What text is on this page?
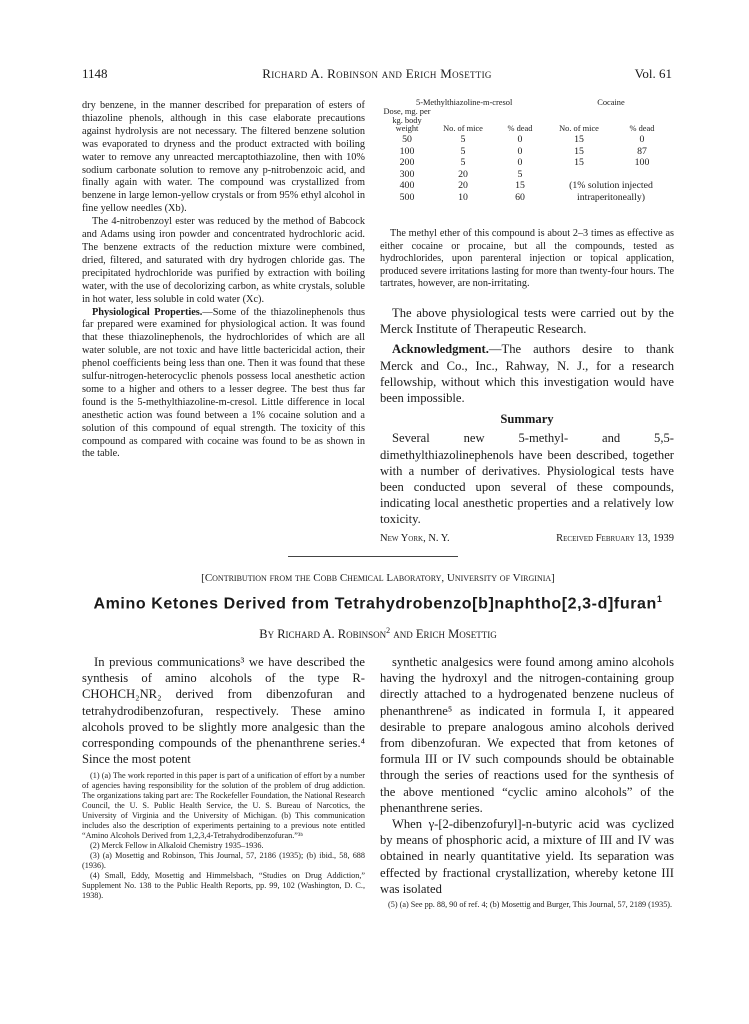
1148	Richard A. Robinson and Erich Mosettig	Vol. 61

dry benzene, in the manner described for preparation of esters of thiazoline phenols, although in this case elaborate precautions against hydrolysis are not necessary. The filtered benzene solution was evaporated to dryness and the product extracted with boiling water to remove any unreacted mercaptothiazoline, then with 10% sodium carbonate solution to remove any p-nitrobenzoic acid, and finally again with water. The compound was crystallized from benzene in large lemon-yellow crystals or from 95% ethyl alcohol in fine yellow needles (Xb).

The 4-nitrobenzoyl ester was reduced by the method of Babcock and Adams using iron powder and concentrated hydrochloric acid. The benzene extracts of the reduction mixture were combined, dried, filtered, and saturated with dry hydrogen chloride gas. The precipitated hydrochloride was purified by extraction with boiling water, with the use of decolorizing carbon, as white crystals, soluble in hot water, less soluble in cold water (Xc).

Physiological Properties.—Some of the thiazolinephenols thus far prepared were examined for physiological action. It was found that these thiazolinephenols, the hydrochlorides of which are all water soluble, are not toxic and have little bactericidal action, their phenol coefficients being less than one. Then it was found that these sulfur-nitrogen-heterocyclic phenols possess local anesthetic action some to a higher and others to a lesser degree. The best thus far found is the 5-methylthiazoline-m-cresol. Little difference in local anesthetic action was found between a 1% cocaine solution and a solution of this compound of equal strength. The toxicity of this compound as compared with cocaine was found to be as shown in the table.

5-Methylthiazoline-m-cresol			Cocaine	
Dose, mg. per kg. body weight	No. of mice	% dead	No. of mice	% dead
50	5	0	15	0
100	5	0	15	87
200	5	0	15	100
300	20	5		
400	20	15	(1% solution injected	
500	10	60	intraperitoneally)	

The methyl ether of this compound is about 2–3 times as effective as either cocaine or procaine, but all the compounds, tested as hydrochlorides, upon parenteral injection or topical application, produced severe irritations lasting for more than twenty-four hours. The tartrates, however, are non-irritating.

The above physiological tests were carried out by the Merck Institute of Therapeutic Research.

Acknowledgment.—The authors desire to thank Merck and Co., Inc., Rahway, N. J., for a research fellowship, without which this investigation would have been impossible.

Summary

Several new 5-methyl- and 5,5-dimethylthiazolinephenols have been described, together with a number of derivatives. Physiological tests have been conducted upon several of these compounds, indicating local anesthetic properties and a relatively low toxicity.

New York, N. Y.	Received February 13, 1939
[Contribution from the Cobb Chemical Laboratory, University of Virginia]
Amino Ketones Derived from Tetrahydrobenzo[b]naphtho[2,3-d]furan$^1$
By Richard A. Robinson$^2$ and Erich Mosettig

In previous communications³ we have described the synthesis of amino alcohols of the type R-CHOHCH₂NR₂ derived from dibenzofuran and tetrahydrodibenzofuran, respectively. These amino alcohols proved to be slightly more analgesic than the corresponding compounds of the phenanthrene series.⁴ Since the most potent

(1) (a) The work reported in this paper is part of a unification of effort by a number of agencies having responsibility for the solution of the problem of drug addiction. The organizations taking part are: The Rockefeller Foundation, the National Research Council, the U. S. Public Health Service, the U. S. Bureau of Narcotics, the University of Virginia and the University of Michigan. (b) This communication includes also the description of experiments pertaining to a previous note entitled “Amino Alcohols Derived from 1,2,3,4-Tetrahydrodibenzofuran.”³ᵇ

(2) Merck Fellow in Alkaloid Chemistry 1935–1936.

(3) (a) Mosettig and Robinson, This Journal, 57, 2186 (1935); (b) ibid., 58, 688 (1936).

(4) Small, Eddy, Mosettig and Himmelsbach, “Studies on Drug Addiction,” Supplement No. 138 to the Public Health Reports, pp. 99, 102 (Washington, D. C., 1938).

synthetic analgesics were found among amino alcohols having the hydroxyl and the nitrogen-containing group directly attached to a hydrogenated benzene nucleus of phenanthrene⁵ as indicated in formula I, it appeared desirable to prepare analogous amino alcohols derived from dibenzofuran. We expected that from ketones of formula III or IV such compounds should be obtainable through the series of reactions used for the synthesis of the above mentioned “cyclic amino alcohols” of the phenanthrene series.

When γ-[2-dibenzofuryl]-n-butyric acid was cyclized by means of phosphoric acid, a mixture of III and IV was obtained in nearly quantitative yield. Its separation was effected by fractional crystallization, whereby ketone III was isolated

(5) (a) See pp. 88, 90 of ref. 4; (b) Mosettig and Burger, This Journal, 57, 2189 (1935).
